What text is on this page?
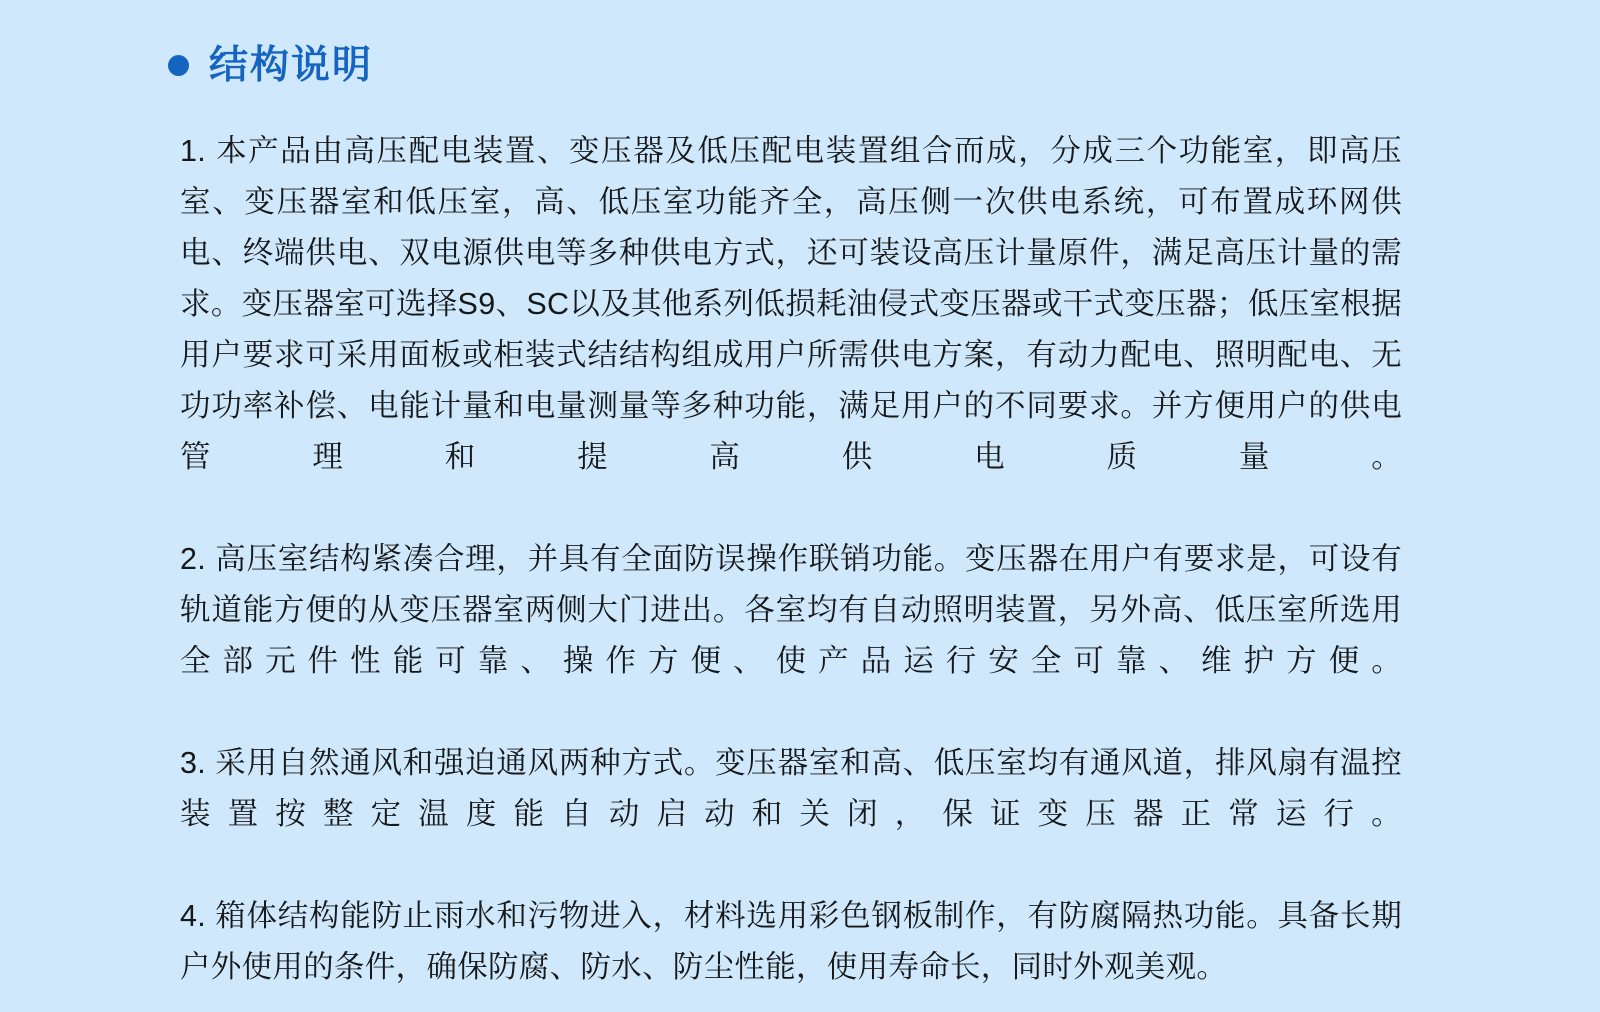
结构说明

1. 本产品由高压配电装置、变压器及低压配电装置组合而成，分成三个功能室，即高压室、变压器室和低压室，高、低压室功能齐全，高压侧一次供电系统，可布置成环网供电、终端供电、双电源供电等多种供电方式，还可装设高压计量原件，满足高压计量的需求。变压器室可选择S9、SC以及其他系列低损耗油侵式变压器或干式变压器；低压室根据用户要求可采用面板或柜装式结结构组成用户所需供电方案，有动力配电、照明配电、无功功率补偿、电能计量和电量测量等多种功能，满足用户的不同要求。并方便用户的供电管理和提高供电质量。

2. 高压室结构紧凑合理，并具有全面防误操作联销功能。变压器在用户有要求是，可设有轨道能方便的从变压器室两侧大门进出。各室均有自动照明装置，另外高、低压室所选用全部元件性能可靠、操作方便、使产品运行安全可靠、维护方便。

3. 采用自然通风和强迫通风两种方式。变压器室和高、低压室均有通风道，排风扇有温控装置按整定温度能自动启动和关闭，保证变压器正常运行。

4. 箱体结构能防止雨水和污物进入，材料选用彩色钢板制作，有防腐隔热功能。具备长期户外使用的条件，确保防腐、防水、防尘性能，使用寿命长，同时外观美观。
